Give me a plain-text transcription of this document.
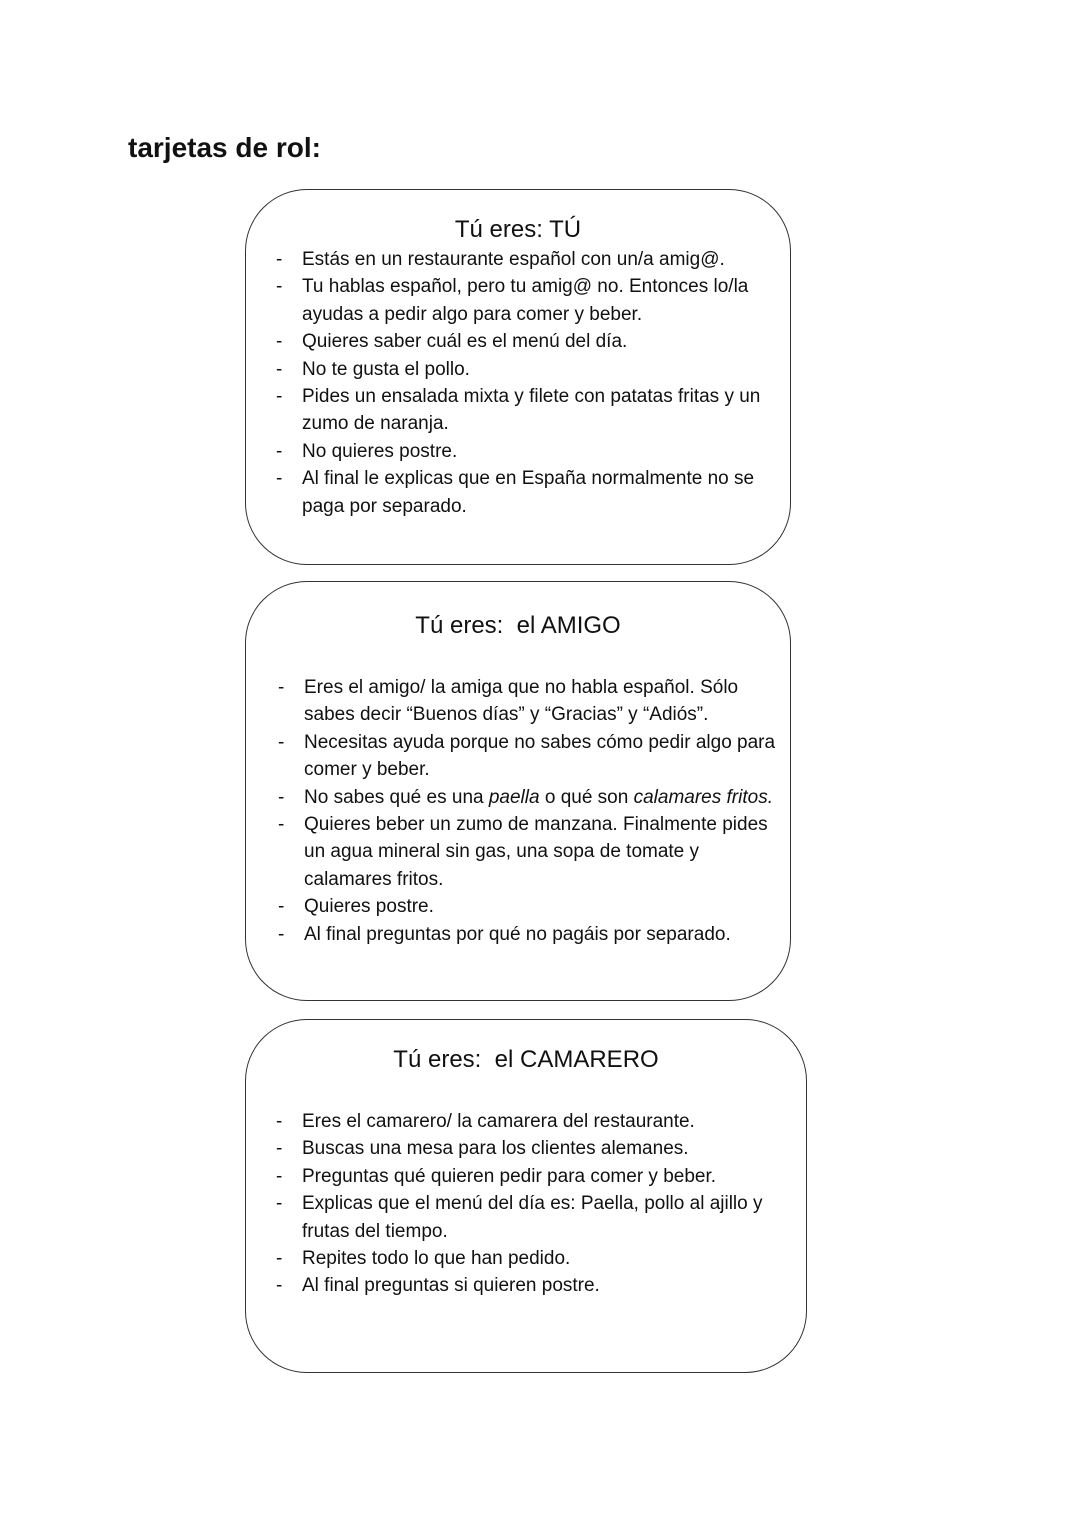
tarjetas de rol:
Tú eres: TÚ
- Estás en un restaurante español con un/a amig@.
- Tu hablas español, pero tu amig@ no. Entonces lo/la ayudas a pedir algo para comer y beber.
- Quieres saber cuál es el menú del día.
- No te gusta el pollo.
- Pides un ensalada mixta y filete con patatas fritas y un zumo de naranja.
- No quieres postre.
- Al final le explicas que en España normalmente no se paga por separado.
Tú eres:  el AMIGO
- Eres el amigo/ la amiga que no habla español. Sólo sabes decir “Buenos días” y “Gracias” y “Adiós”.
- Necesitas ayuda porque no sabes cómo pedir algo para comer y beber.
- No sabes qué es una paella o qué son calamares fritos.
- Quieres beber un zumo de manzana. Finalmente pides un agua mineral sin gas, una sopa de tomate y calamares fritos.
- Quieres postre.
- Al final preguntas por qué no pagáis por separado.
Tú eres:  el CAMARERO
- Eres el camarero/ la camarera del restaurante.
- Buscas una mesa para los clientes alemanes.
- Preguntas qué quieren pedir para comer y beber.
- Explicas que el menú del día es: Paella, pollo al ajillo y frutas del tiempo.
- Repites todo lo que han pedido.
- Al final preguntas si quieren postre.
